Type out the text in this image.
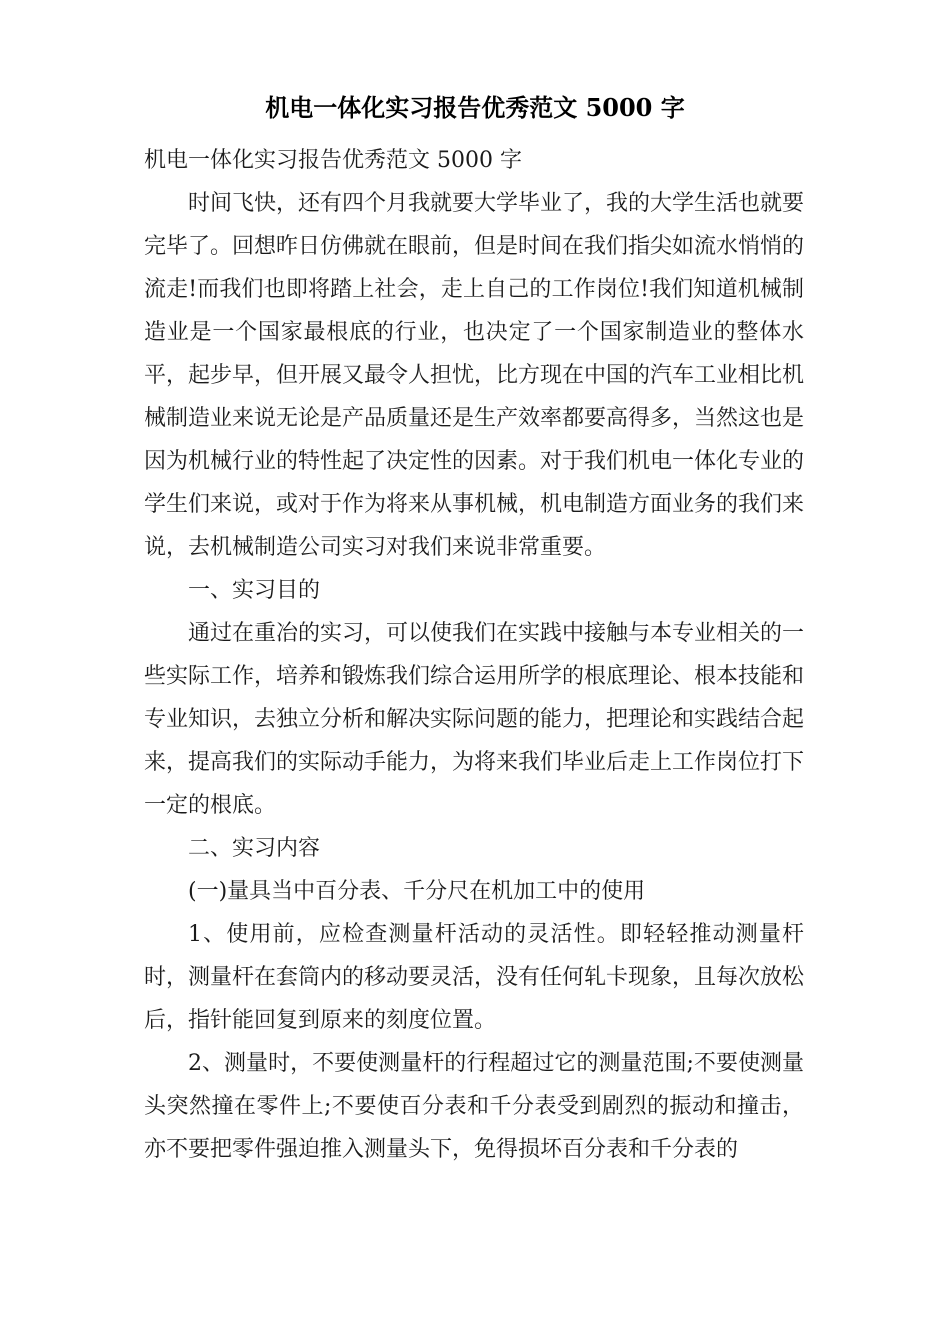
机电一体化实习报告优秀范文 5000 字

机电一体化实习报告优秀范文 5000 字

时间飞快，还有四个月我就要大学毕业了，我的大学生活也就要完毕了。回想昨日仿佛就在眼前，但是时间在我们指尖如流水悄悄的流走!而我们也即将踏上社会，走上自己的工作岗位!我们知道机械制造业是一个国家最根底的行业，也决定了一个国家制造业的整体水平，起步早，但开展又最令人担忧，比方现在中国的汽车工业相比机械制造业来说无论是产品质量还是生产效率都要高得多，当然这也是因为机械行业的特性起了决定性的因素。对于我们机电一体化专业的学生们来说，或对于作为将来从事机械，机电制造方面业务的我们来说，去机械制造公司实习对我们来说非常重要。

一、实习目的

通过在重冶的实习，可以使我们在实践中接触与本专业相关的一些实际工作，培养和锻炼我们综合运用所学的根底理论、根本技能和专业知识，去独立分析和解决实际问题的能力，把理论和实践结合起来，提高我们的实际动手能力，为将来我们毕业后走上工作岗位打下一定的根底。

二、实习内容

(一)量具当中百分表、千分尺在机加工中的使用

1、使用前，应检查测量杆活动的灵活性。即轻轻推动测量杆时，测量杆在套筒内的移动要灵活，没有任何轧卡现象，且每次放松后，指针能回复到原来的刻度位置。

2、测量时，不要使测量杆的行程超过它的测量范围;不要使测量头突然撞在零件上;不要使百分表和千分表受到剧烈的振动和撞击，亦不要把零件强迫推入测量头下，免得损坏百分表和千分表的
